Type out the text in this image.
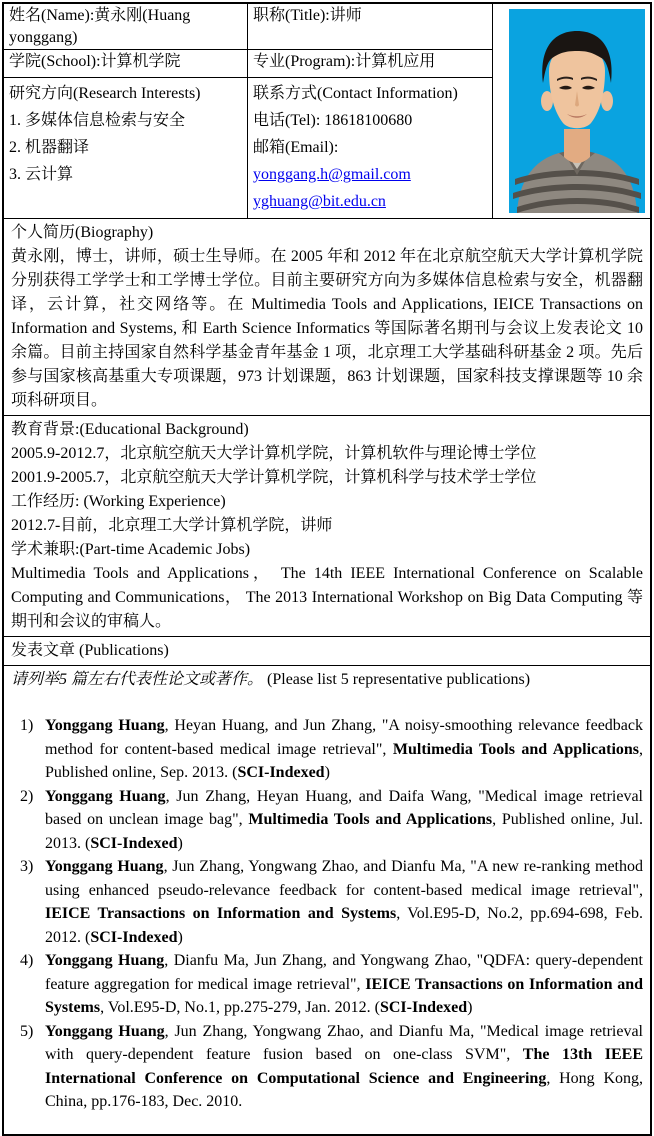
姓名(Name):黄永刚(Huang yonggang)
职称(Title):讲师
学院(School):计算机学院	专业(Program):计算机应用
研究方向(Research Interests)
1. 多媒体信息检索与安全
2. 机器翻译
3. 云计算
联系方式(Contact Information)
电话(Tel): 18618100680
邮箱(Email):
yonggang.h@gmail.com
yghuang@bit.edu.cn
个人简历(Biography)
黄永刚，博士，讲师，硕士生导师。在 2005 年和 2012 年在北京航空航天大学计算机学院分别获得工学学士和工学博士学位。目前主要研究方向为多媒体信息检索与安全，机器翻译，云计算，社交网络等。在 Multimedia Tools and Applications, IEICE Transactions on Information and Systems, 和 Earth Science Informatics 等国际著名期刊与会议上发表论文 10 余篇。目前主持国家自然科学基金青年基金 1 项，北京理工大学基础科研基金 2 项。先后参与国家核高基重大专项课题，973 计划课题，863 计划课题，国家科技支撑课题等 10 余项科研项目。
教育背景:(Educational Background)
2005.9-2012.7，北京航空航天大学计算机学院，计算机软件与理论博士学位
2001.9-2005.7，北京航空航天大学计算机学院，计算机科学与技术学士学位
工作经历: (Working Experience)
2012.7-目前，北京理工大学计算机学院，讲师
学术兼职:(Part-time Academic Jobs)
Multimedia Tools and Applications， The 14th IEEE International Conference on Scalable Computing and Communications， The 2013 International Workshop on Big Data Computing 等期刊和会议的审稿人。
发表文章 (Publications)
请列举5 篇左右代表性论文或著作。 (Please list 5 representative publications)
1) Yonggang Huang, Heyan Huang, and Jun Zhang, "A noisy-smoothing relevance feedback method for content-based medical image retrieval", Multimedia Tools and Applications, Published online, Sep. 2013. (SCI-Indexed)
2) Yonggang Huang, Jun Zhang, Heyan Huang, and Daifa Wang, "Medical image retrieval based on unclean image bag", Multimedia Tools and Applications, Published online, Jul. 2013. (SCI-Indexed)
3) Yonggang Huang, Jun Zhang, Yongwang Zhao, and Dianfu Ma, "A new re-ranking method using enhanced pseudo-relevance feedback for content-based medical image retrieval", IEICE Transactions on Information and Systems, Vol.E95-D, No.2, pp.694-698, Feb. 2012. (SCI-Indexed)
4) Yonggang Huang, Dianfu Ma, Jun Zhang, and Yongwang Zhao, "QDFA: query-dependent feature aggregation for medical image retrieval", IEICE Transactions on Information and Systems, Vol.E95-D, No.1, pp.275-279, Jan. 2012. (SCI-Indexed)
5) Yonggang Huang, Jun Zhang, Yongwang Zhao, and Dianfu Ma, "Medical image retrieval with query-dependent feature fusion based on one-class SVM", The 13th IEEE International Conference on Computational Science and Engineering, Hong Kong, China, pp.176-183, Dec. 2010.
